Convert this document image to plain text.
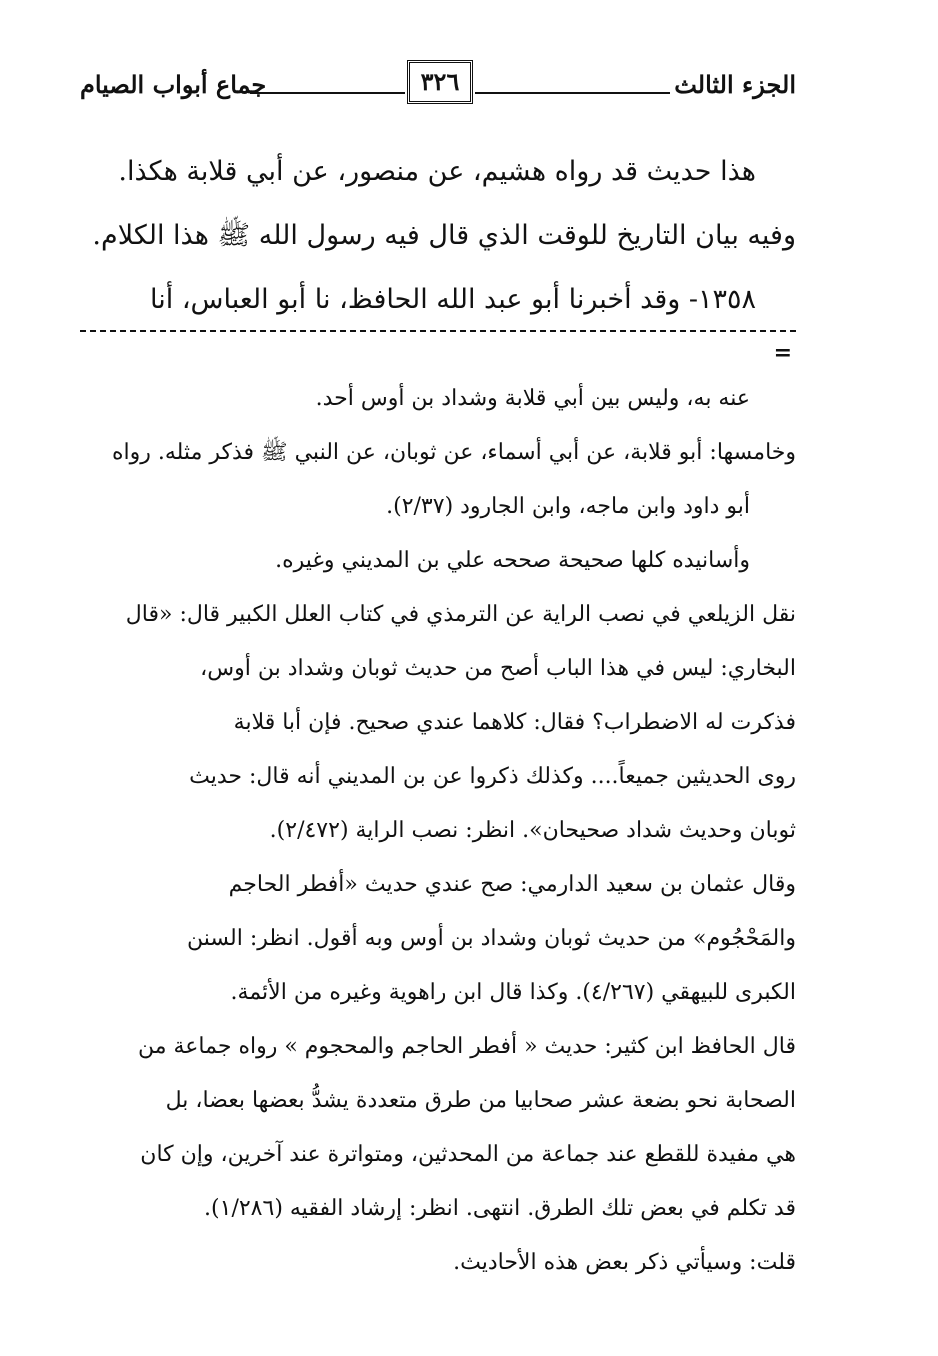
الجزء الثالث
٣٢٦
جماع أبواب الصيام

هذا حديث قد رواه هشيم، عن منصور، عن أبي قلابة هكذا.

وفيه بيان التاريخ للوقت الذي قال فيه رسول الله ﷺ هذا الكلام.

١٣٥٨- وقد أخبرنا أبو عبد الله الحافظ، نا أبو العباس، أنا

=

عنه به، وليس بين أبي قلابة وشداد بن أوس أحد.

وخامسها: أبو قلابة، عن أبي أسماء، عن ثوبان، عن النبي ﷺ فذكر مثله. رواه

أبو داود وابن ماجه، وابن الجارود (٢/٣٧).

وأسانيده كلها صحيحة صححه علي بن المديني وغيره.

نقل الزيلعي في نصب الراية عن الترمذي في كتاب العلل الكبير قال: «قال

البخاري: ليس في هذا الباب أصح من حديث ثوبان وشداد بن أوس،

فذكرت له الاضطراب؟ فقال: كلاهما عندي صحيح. فإن أبا قلابة

روى الحديثين جميعاً.... وكذلك ذكروا عن بن المديني أنه قال: حديث

ثوبان وحديث شداد صحيحان». انظر: نصب الراية (٢/٤٧٢).

وقال عثمان بن سعيد الدارمي: صح عندي حديث «أفطر الحاجم

والمَحْجُوم» من حديث ثوبان وشداد بن أوس وبه أقول. انظر: السنن

الكبرى للبيهقي (٤/٢٦٧). وكذا قال ابن راهوية وغيره من الأئمة.

قال الحافظ ابن كثير: حديث « أفطر الحاجم والمحجوم » رواه جماعة من

الصحابة نحو بضعة عشر صحابيا من طرق متعددة يشدُّ بعضها بعضا، بل

هي مفيدة للقطع عند جماعة من المحدثين، ومتواترة عند آخرين، وإن كان

قد تكلم في بعض تلك الطرق. انتهى. انظر: إرشاد الفقيه (١/٢٨٦).

قلت: وسيأتي ذكر بعض هذه الأحاديث.
